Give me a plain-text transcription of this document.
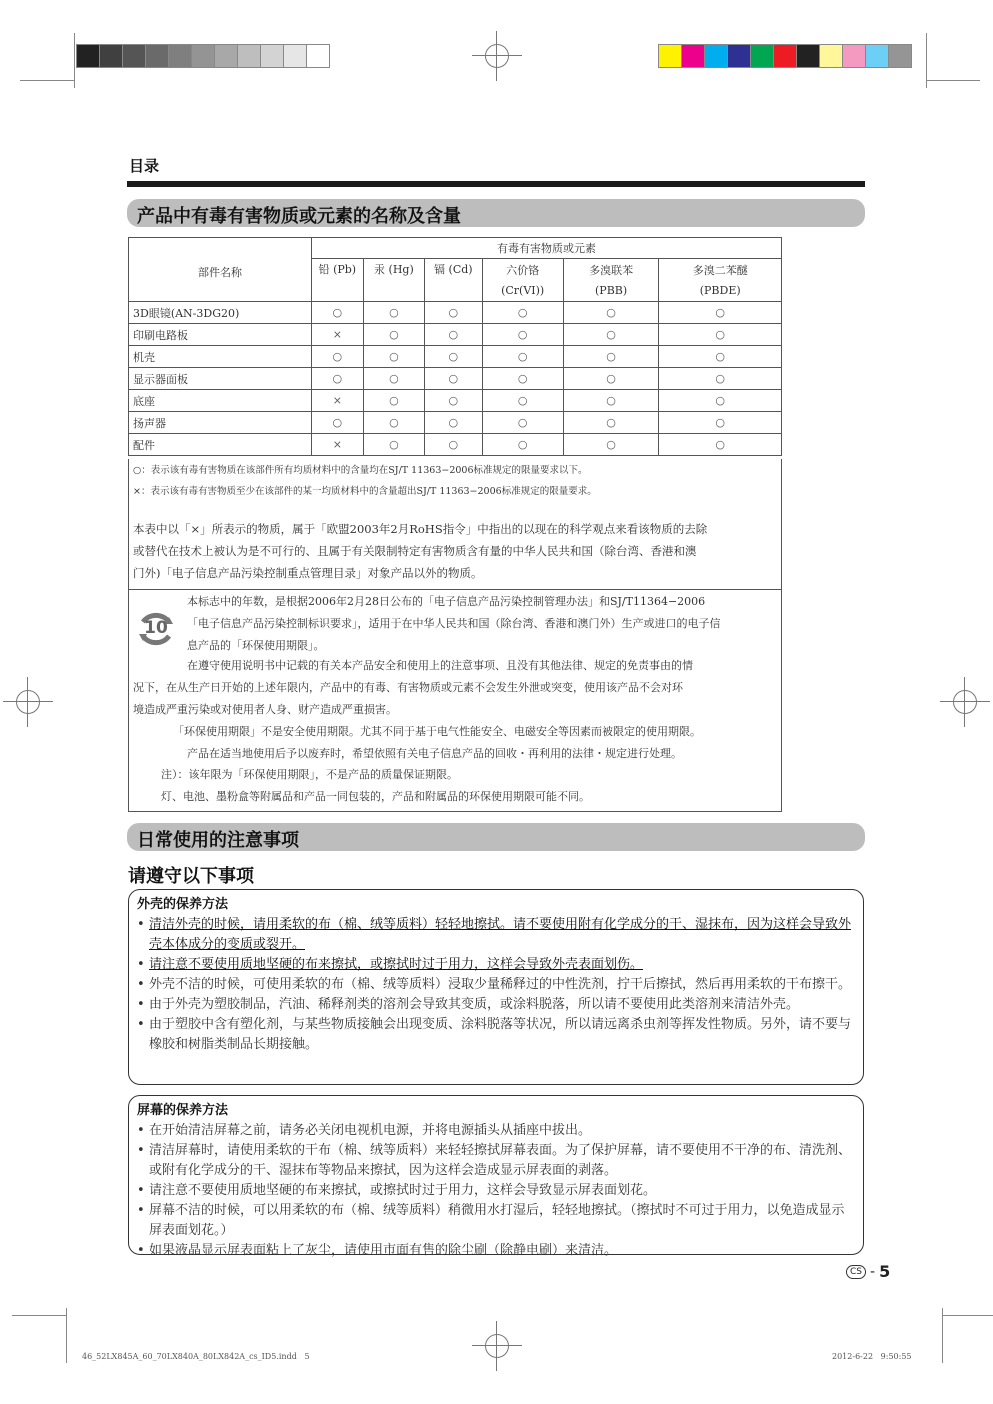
目录
产品中有毒有害物质或元素的名称及含量
部件名称	有毒有害物质或元素					
	铅 (Pb)	汞 (Hg)	镉 (Cd)	六价铬	多溴联苯	多溴二苯醚
				(Cr(VI))	(PBB)	(PBDE)
3D眼镜(AN-3DG20)	○	○	○	○	○	○
印刷电路板	×	○	○	○	○	○
机壳	○	○	○	○	○	○
显示器面板	○	○	○	○	○	○
底座	×	○	○	○	○	○
扬声器	○	○	○	○	○	○
配件	×	○	○	○	○	○

○：表示该有毒有害物质在该部件所有均质材料中的含量均在SJ/T 11363−2006标准规定的限量要求以下。

×：表示该有毒有害物质至少在该部件的某一均质材料中的含量超出SJ/T 11363−2006标准规定的限量要求。

本表中以「×」所表示的物质，属于「欧盟2003年2月RoHS指令」中指出的以现在的科学观点来看该物质的去除

或替代在技术上被认为是不可行的、且属于有关限制特定有害物质含有量的中华人民共和国（除台湾、香港和澳

门外)「电子信息产品污染控制重点管理目录」对象产品以外的物质。

10

本标志中的年数，是根据2006年2月28日公布的「电子信息产品污染控制管理办法」和SJ/T11364−2006

「电子信息产品污染控制标识要求」，适用于在中华人民共和国（除台湾、香港和澳门外）生产或进口的电子信

息产品的「环保使用期限」。

在遵守使用说明书中记载的有关本产品安全和使用上的注意事项、且没有其他法律、规定的免责事由的情

况下，在从生产日开始的上述年限内，产品中的有毒、有害物质或元素不会发生外泄或突变，使用该产品不会对环

境造成严重污染或对使用者人身、财产造成严重损害。

「环保使用期限」不是安全使用期限。尤其不同于基于电气性能安全、电磁安全等因素而被限定的使用期限。

产品在适当地使用后予以废弃时，希望依照有关电子信息产品的回收・再利用的法律・规定进行处理。

注）：该年限为「环保使用期限」，不是产品的质量保证期限。

灯、电池、墨粉盒等附属品和产品一同包装的，产品和附属品的环保使用期限可能不同。

日常使用的注意事项
请遵守以下事项
外壳的保养方法
• 清洁外壳的时候，请用柔软的布（棉、绒等质料）轻轻地擦拭。请不要使用附有化学成分的干、湿抹布，因为这样会导致外壳本体成分的变质或裂开。
• 请注意不要使用质地坚硬的布来擦拭，或擦拭时过于用力，这样会导致外壳表面划伤。
• 外壳不洁的时候，可使用柔软的布（棉、绒等质料）浸取少量稀释过的中性洗剂，拧干后擦拭，然后再用柔软的干布擦干。
• 由于外壳为塑胶制品，汽油、稀释剂类的溶剂会导致其变质，或涂料脱落，所以请不要使用此类溶剂来清洁外壳。
• 由于塑胶中含有塑化剂，与某些物质接触会出现变质、涂料脱落等状况，所以请远离杀虫剂等挥发性物质。另外，请不要与橡胶和树脂类制品长期接触。
屏幕的保养方法
• 在开始清洁屏幕之前，请务必关闭电视机电源，并将电源插头从插座中拔出。
• 清洁屏幕时，请使用柔软的干布（棉、绒等质料）来轻轻擦拭屏幕表面。为了保护屏幕，请不要使用不干净的布、清洗剂、或附有化学成分的干、湿抹布等物品来擦拭，因为这样会造成显示屏表面的剥落。
• 请注意不要使用质地坚硬的布来擦拭，或擦拭时过于用力，这样会导致显示屏表面划花。
• 屏幕不洁的时候，可以用柔软的布（棉、绒等质料）稍微用水打湿后，轻轻地擦拭。（擦拭时不可过于用力，以免造成显示屏表面划花。）
• 如果液晶显示屏表面粘上了灰尘，请使用市面有售的除尘刷（除静电刷）来清洁。
CS - 5
46_52LX845A_60_70LX840A_80LX842A_cs_ID5.indd   5	2012-6-22   9:50:55
